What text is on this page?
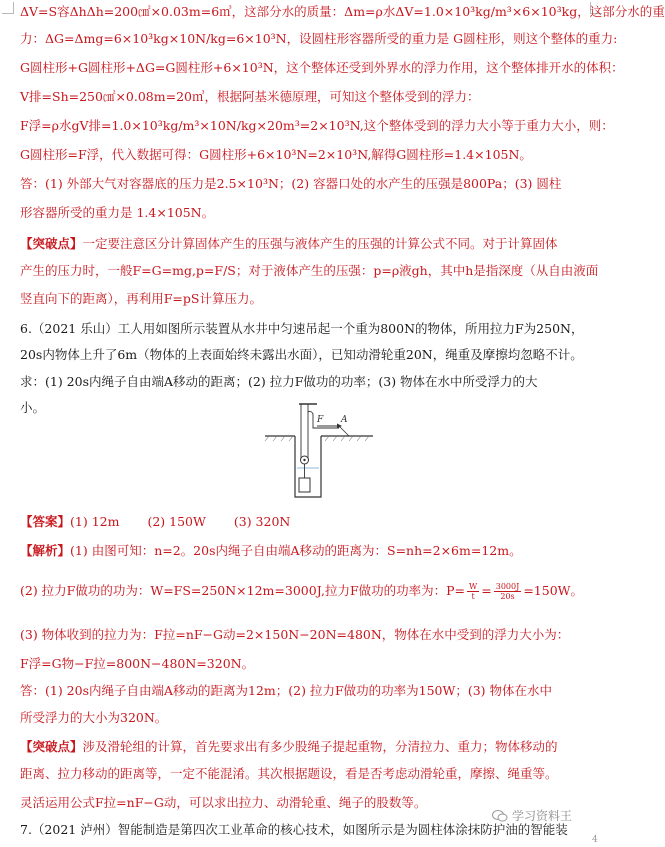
ΔV=S容ΔhΔh=200㎠×0.03m=6㎥，这部分水的质量：Δm=ρ水ΔV=1.0×10³kg/m³×6×10³kg，这部分水的重
力：ΔG=Δmg=6×10³kg×10N/kg=6×10³N，设圆柱形容器所受的重力是 G圆柱形，则这个整体的重力:
G圆柱形+G圆柱形+ΔG=G圆柱形+6×10³N，这个整体还受到外界水的浮力作用，这个整体排开水的体积：
V排=Sh=250㎠×0.08m=20㎥，根据阿基米德原理，可知这个整体受到的浮力：
F浮=ρ水gV排=1.0×10³kg/m³×10N/kg×20m³=2×10³N,这个整体受到的浮力大小等于重力大小，则：
G圆柱形=F浮，代入数据可得：G圆柱形+6×10³N=2×10³N,解得G圆柱形=1.4×105N。
答：(1) 外部大气对容器底的压力是2.5×10³N；(2) 容器口处的水产生的压强是800Pa；(3) 圆柱
形容器所受的重力是 1.4×105N。
【突破点】一定要注意区分计算固体产生的压强与液体产生的压强的计算公式不同。对于计算固体
产生的压力时，一般F=G=mg,p=F/S；对于液体产生的压强：p=ρ液gh，其中h是指深度（从自由液面
竖直向下的距离），再利用F=pS计算压力。
6.（2021 乐山）工人用如图所示装置从水井中匀速吊起一个重为800N的物体，所用拉力F为250N，
20s内物体上升了6m（物体的上表面始终未露出水面），已知动滑轮重20N，绳重及摩擦均忽略不计。
求：(1) 20s内绳子自由端A移动的距离；(2) 拉力F做功的功率；(3) 物体在水中所受浮力的大
小。
【答案】(1) 12m (2) 150W (3) 320N
【解析】(1) 由图可知：n=2。20s内绳子自由端A移动的距离为：S=nh=2×6m=12m。
(2) 拉力F做功的功为：W=FS=250N×12m=3000J,拉力F做功的功率为：$P= \frac{W}{t} = \frac{3000J}{20s} =150W$。
(3) 物体收到的拉力为：F拉=nF−G动=2×150N−20N=480N，物体在水中受到的浮力大小为：
F浮=G物−F拉=800N−480N=320N。
答：(1) 20s内绳子自由端A移动的距离为12m；(2) 拉力F做功的功率为150W；(3) 物体在水中
所受浮力的大小为320N。
【突破点】涉及滑轮组的计算，首先要求出有多少股绳子提起重物，分清拉力、重力；物体移动的
距离、拉力移动的距离等，一定不能混淆。其次根据题设，看是否考虑动滑轮重，摩擦、绳重等。
灵活运用公式F拉=nF−G动，可以求出拉力、动滑轮重、绳子的股数等。
7.（2021 泸州）智能制造是第四次工业革命的核心技术，如图所示是为圆柱体涂抹防护油的智能装
F A
学习资料王
4
